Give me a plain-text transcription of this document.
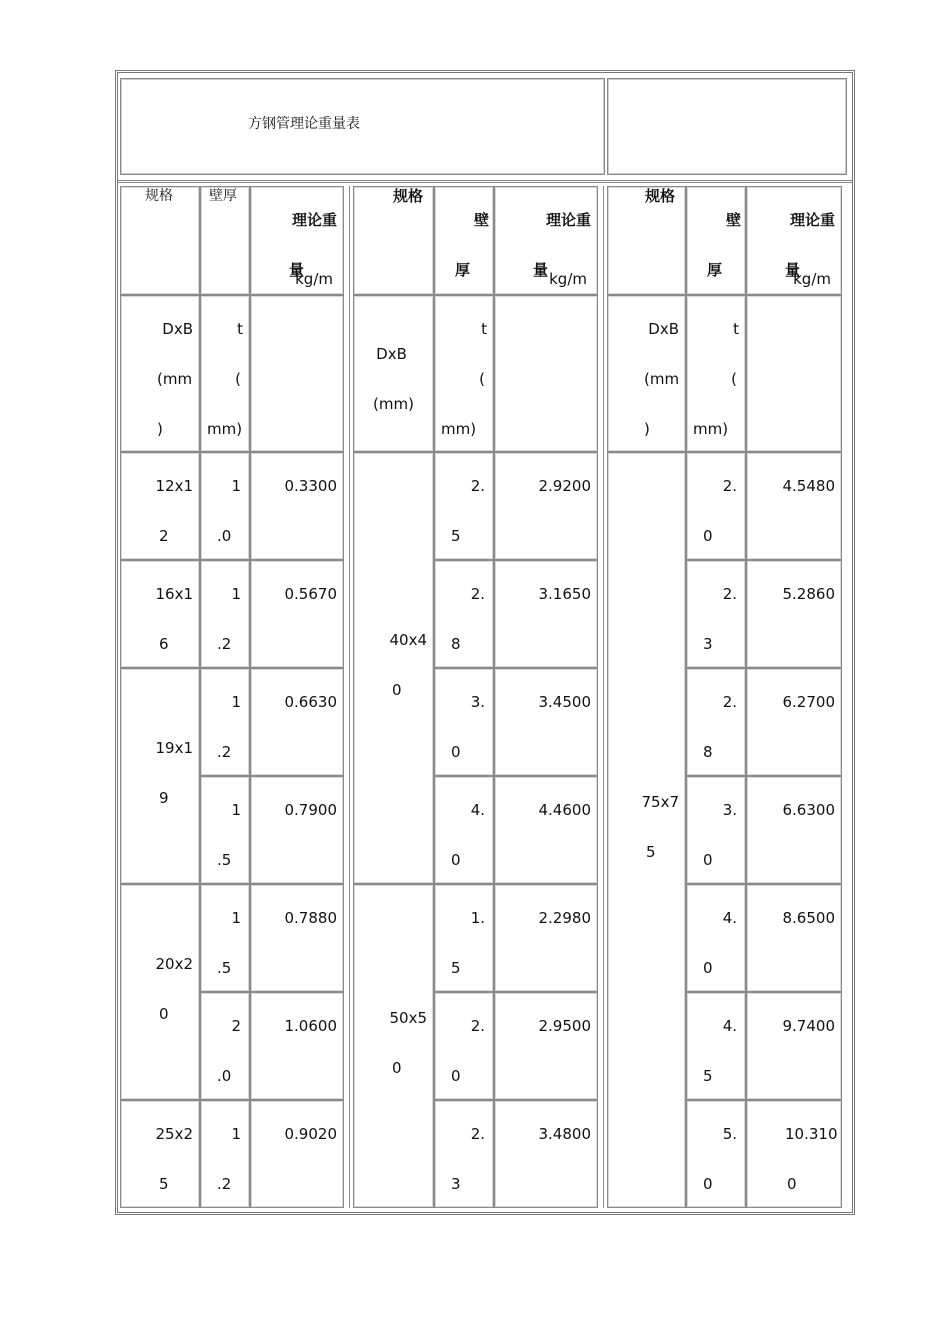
方钢管理论重量表
规格	壁厚
理论重
量
DxB
(mm
)
t
(
mm)
kg/m
规格
壁
厚
理论重
量
DxB
(mm)
t
(
mm)
kg/m
规格
壁
厚
理论重
量
DxB
(mm
)
t
(
mm)
kg/m
12x1
2
16x1
6
19x1
9
20x2
0
25x2
5
40x4
0
50x5
0
75x7
5
1
.0
0.3300
1
.2
0.5670
1
.2
0.6630
1
.5
0.7900
1
.5
0.7880
2
.0
1.0600
1
.2
0.9020
2.
5
2.9200
2.
8
3.1650
3.
0
3.4500
4.
0
4.4600
1.
5
2.2980
2.
0
2.9500
2.
3
3.4800
2.
0
4.5480
2.
3
5.2860
2.
8
6.2700
3.
0
6.6300
4.
0
8.6500
4.
5
9.7400
5.
0
10.310
0
